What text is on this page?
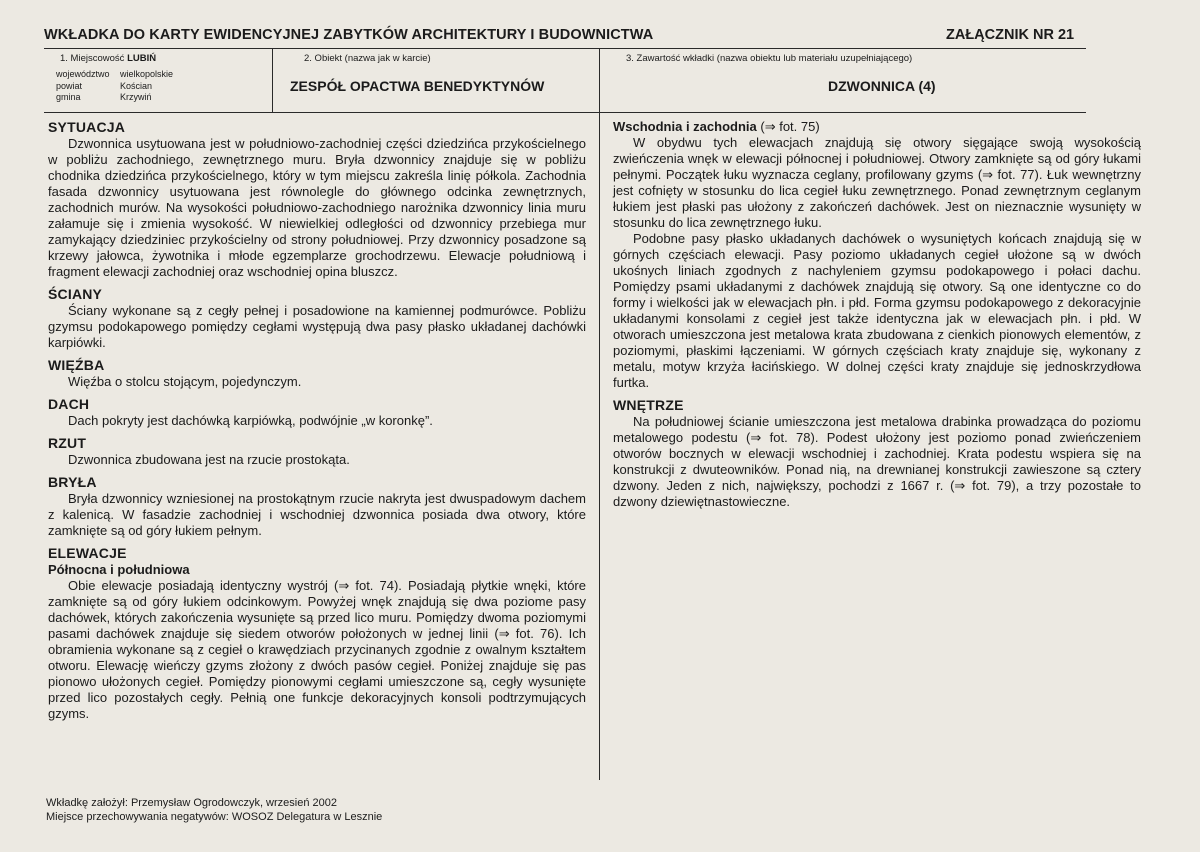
WKŁADKA DO KARTY EWIDENCYJNEJ ZABYTKÓW ARCHITEKTURY I BUDOWNICTWA	ZAŁĄCZNIK NR 21
1. Miejscowość LUBIŃ
województwo	wielkopolskie
powiat	Kościan
gmina	Krzywiń
2. Obiekt (nazwa jak w karcie)
ZESPÓŁ OPACTWA BENEDYKTYNÓW
3. Zawartość wkładki (nazwa obiektu lub materiału uzupełniającego)
DZWONNICA (4)
SYTUACJA

Dzwonnica usytuowana jest w południowo-zachodniej części dziedzińca przykościelnego w pobliżu zachodniego, zewnętrznego muru. Bryła dzwonnicy znajduje się w pobliżu chodnika dziedzińca przykościelnego, który w tym miejscu zakreśla linię półkola. Zachodnia fasada dzwonnicy usytuowana jest równolegle do głównego odcinka zewnętrznych, zachodnich murów. Na wysokości południowo-zachodniego narożnika dzwonnicy linia muru załamuje się i zmienia wysokość. W niewielkiej odległości od dzwonnicy przebiega mur zamykający dziedziniec przykościelny od strony południowej. Przy dzwonnicy posadzone są krzewy jałowca, żywotnika i młode egzemplarze grochodrzewu. Elewacje południową i fragment elewacji zachodniej oraz wschodniej opina bluszcz.

ŚCIANY

Ściany wykonane są z cegły pełnej i posadowione na kamiennej podmurówce. Pobliżu gzymsu podokapowego pomiędzy cegłami występują dwa pasy płasko układanej dachówki karpiówki.

WIĘŹBA

Więźba o stolcu stojącym, pojedynczym.

DACH

Dach pokryty jest dachówką karpiówką, podwójnie „w koronkę”.

RZUT

Dzwonnica zbudowana jest na rzucie prostokąta.

BRYŁA

Bryła dzwonnicy wzniesionej na prostokątnym rzucie nakryta jest dwuspadowym dachem z kalenicą. W fasadzie zachodniej i wschodniej dzwonnica posiada dwa otwory, które zamknięte są od góry łukiem pełnym.

ELEWACJE
Północna i południowa

Obie elewacje posiadają identyczny wystrój (⇒ fot. 74). Posiadają płytkie wnęki, które zamknięte są od góry łukiem odcinkowym. Powyżej wnęk znajdują się dwa poziome pasy dachówek, których zakończenia wysunięte są przed lico muru. Pomiędzy dwoma poziomymi pasami dachówek znajduje się siedem otworów położonych w jednej linii (⇒ fot. 76). Ich obramienia wykonane są z cegieł o krawędziach przycinanych zgodnie z owalnym kształtem otworu. Elewację wieńczy gzyms złożony z dwóch pasów cegieł. Poniżej znajduje się pas pionowo ułożonych cegieł. Pomiędzy pionowymi cegłami umieszczone są, cegły wysunięte przed lico pozostałych cegły. Pełnią one funkcje dekoracyjnych konsoli podtrzymujących gzyms.

Wschodnia i zachodnia (⇒ fot. 75)

W obydwu tych elewacjach znajdują się otwory sięgające swoją wysokością zwieńczenia wnęk w elewacji północnej i południowej. Otwory zamknięte są od góry łukami pełnymi. Początek łuku wyznacza ceglany, profilowany gzyms (⇒ fot. 77). Łuk wewnętrzny jest cofnięty w stosunku do lica cegieł łuku zewnętrznego. Ponad zewnętrznym ceglanym łukiem jest płaski pas ułożony z zakończeń dachówek. Jest on nieznacznie wysunięty w stosunku do lica zewnętrznego łuku.

Podobne pasy płasko układanych dachówek o wysuniętych końcach znajdują się w górnych częściach elewacji. Pasy poziomo układanych cegieł ułożone są w dwóch ukośnych liniach zgodnych z nachyleniem gzymsu podokapowego i połaci dachu. Pomiędzy psami układanymi z dachówek znajdują się otwory. Są one identyczne co do formy i wielkości jak w elewacjach płn. i płd. Forma gzymsu podokapowego z dekoracyjnie układanymi konsolami z cegieł jest także identyczna jak w elewacjach płn. i płd. W otworach umieszczona jest metalowa krata zbudowana z cienkich pionowych elementów, z poziomymi, płaskimi łączeniami. W górnych częściach kraty znajduje się, wykonany z metalu, motyw krzyża łacińskiego. W dolnej części kraty znajduje się jednoskrzydłowa furtka.

WNĘTRZE

Na południowej ścianie umieszczona jest metalowa drabinka prowadząca do poziomu metalowego podestu (⇒ fot. 78). Podest ułożony jest poziomo ponad zwieńczeniem otworów bocznych w elewacji wschodniej i zachodniej. Krata podestu wspiera się na konstrukcji z dwuteowników. Ponad nią, na drewnianej konstrukcji zawieszone są cztery dzwony. Jeden z nich, największy, pochodzi z 1667 r. (⇒ fot. 79), a trzy pozostałe to dzwony dziewiętnastowieczne.

Wkładkę założył: Przemysław Ogrodowczyk, wrzesień 2002
Miejsce przechowywania negatywów: WOSOZ Delegatura w Lesznie
